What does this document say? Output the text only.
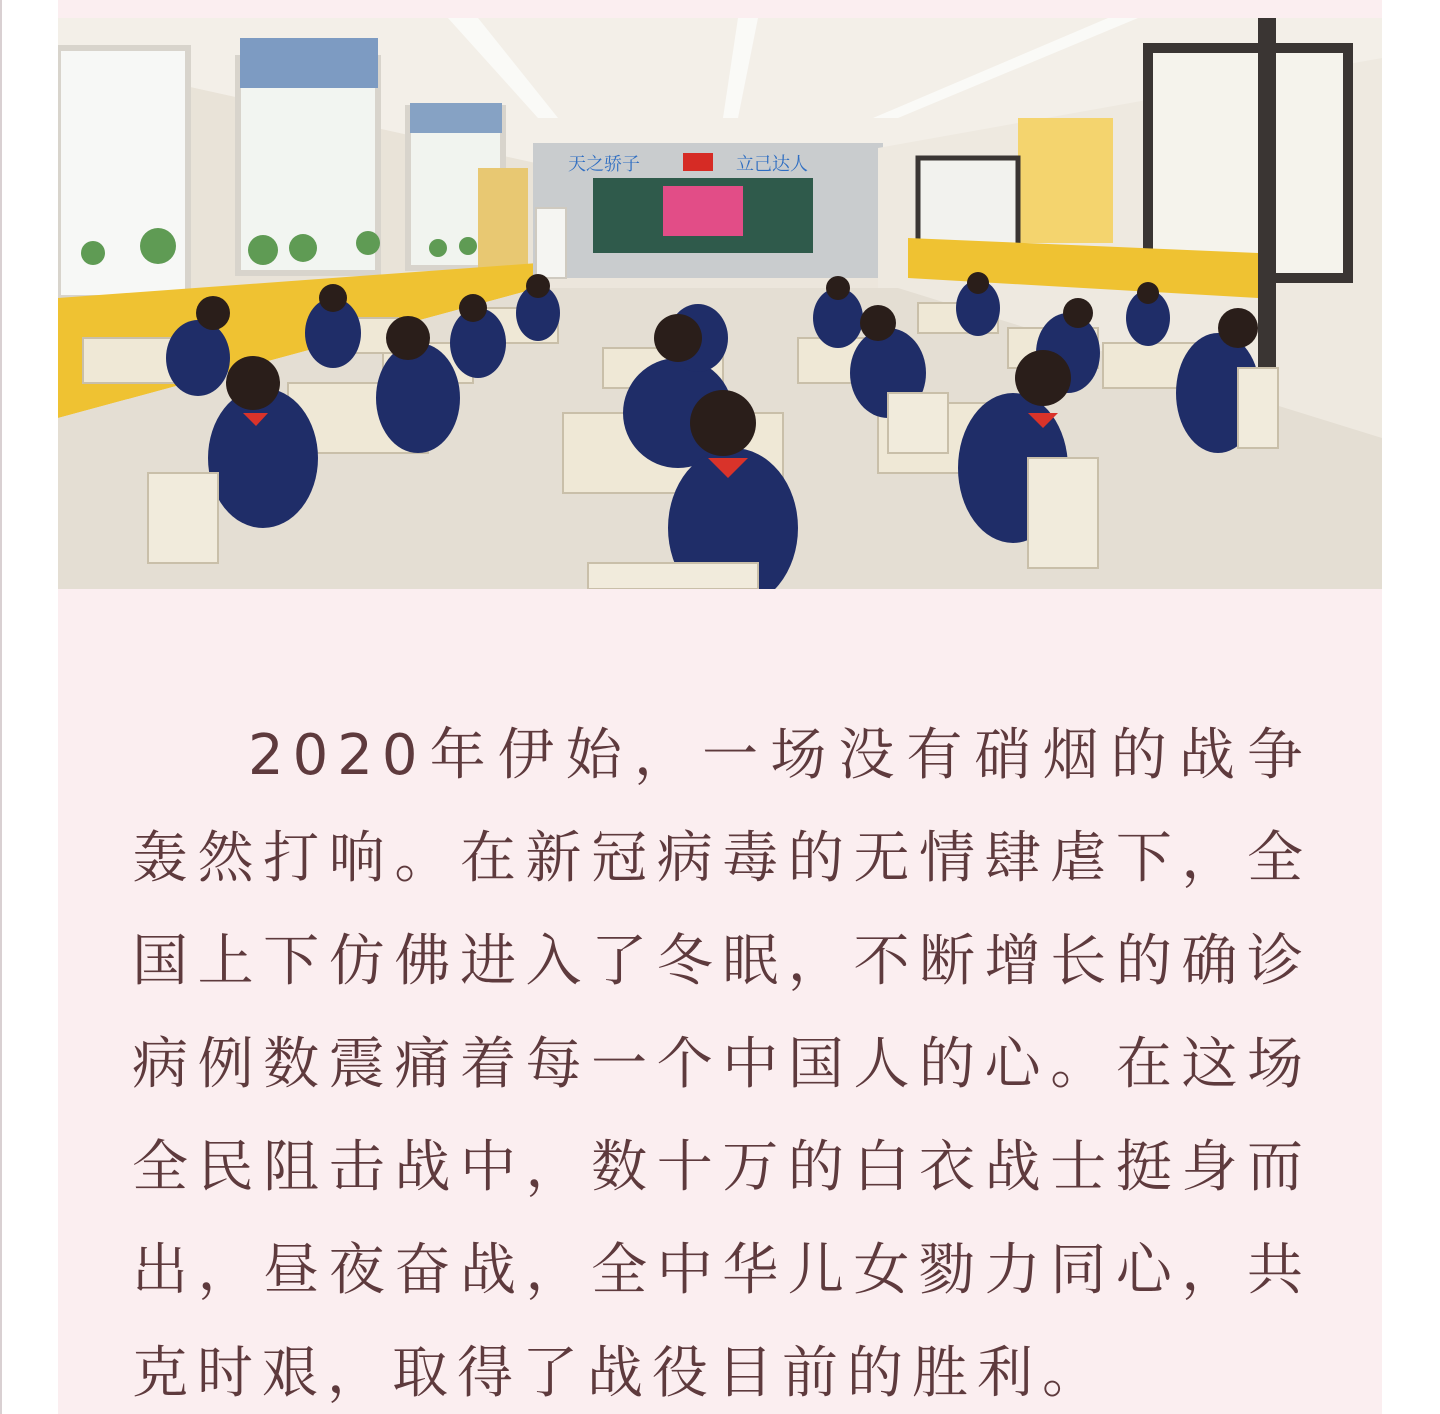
天之骄子	立己达人

2020年伊始，一场没有硝烟的战争轰然打响。在新冠病毒的无情肆虐下，全国上下仿佛进入了冬眠，不断增长的确诊病例数震痛着每一个中国人的心。在这场全民阻击战中，数十万的白衣战士挺身而出，昼夜奋战，全中华儿女勠力同心，共克时艰，取得了战役目前的胜利。
